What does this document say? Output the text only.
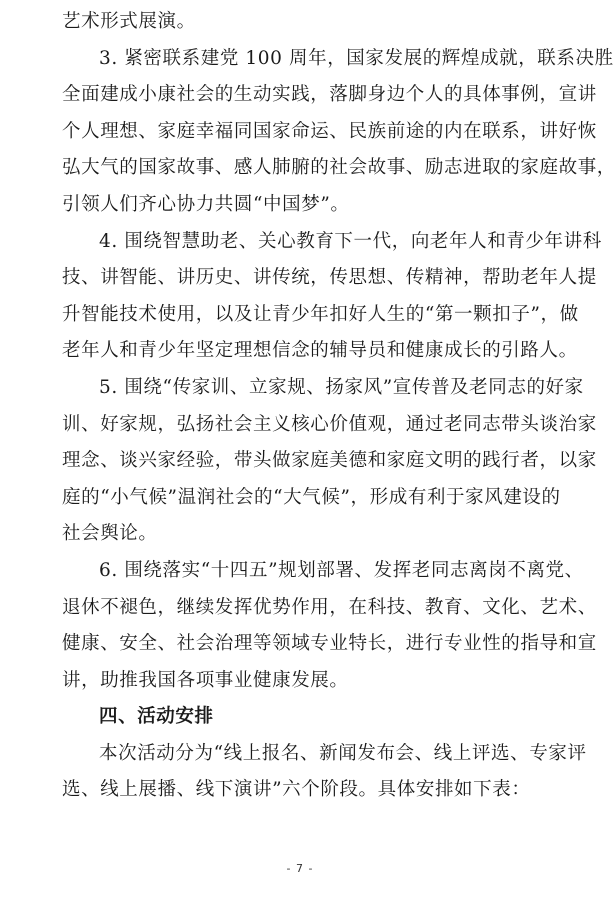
艺术形式展演。
3. 紧密联系建党 100 周年，国家发展的辉煌成就，联系决胜
全面建成小康社会的生动实践，落脚身边个人的具体事例，宣讲
个人理想、家庭幸福同国家命运、民族前途的内在联系，讲好恢
弘大气的国家故事、感人肺腑的社会故事、励志进取的家庭故事，
引领人们齐心协力共圆“中国梦”。
4. 围绕智慧助老、关心教育下一代，向老年人和青少年讲科
技、讲智能、讲历史、讲传统，传思想、传精神，帮助老年人提
升智能技术使用，以及让青少年扣好人生的“第一颗扣子”，做
老年人和青少年坚定理想信念的辅导员和健康成长的引路人。
5. 围绕“传家训、立家规、扬家风”宣传普及老同志的好家
训、好家规，弘扬社会主义核心价值观，通过老同志带头谈治家
理念、谈兴家经验，带头做家庭美德和家庭文明的践行者，以家
庭的“小气候”温润社会的“大气候”，形成有利于家风建设的
社会舆论。
6. 围绕落实“十四五”规划部署、发挥老同志离岗不离党、
退休不褪色，继续发挥优势作用，在科技、教育、文化、艺术、
健康、安全、社会治理等领域专业特长，进行专业性的指导和宣
讲，助推我国各项事业健康发展。
四、活动安排
本次活动分为“线上报名、新闻发布会、线上评选、专家评
选、线上展播、线下演讲”六个阶段。具体安排如下表：
- 7 -
